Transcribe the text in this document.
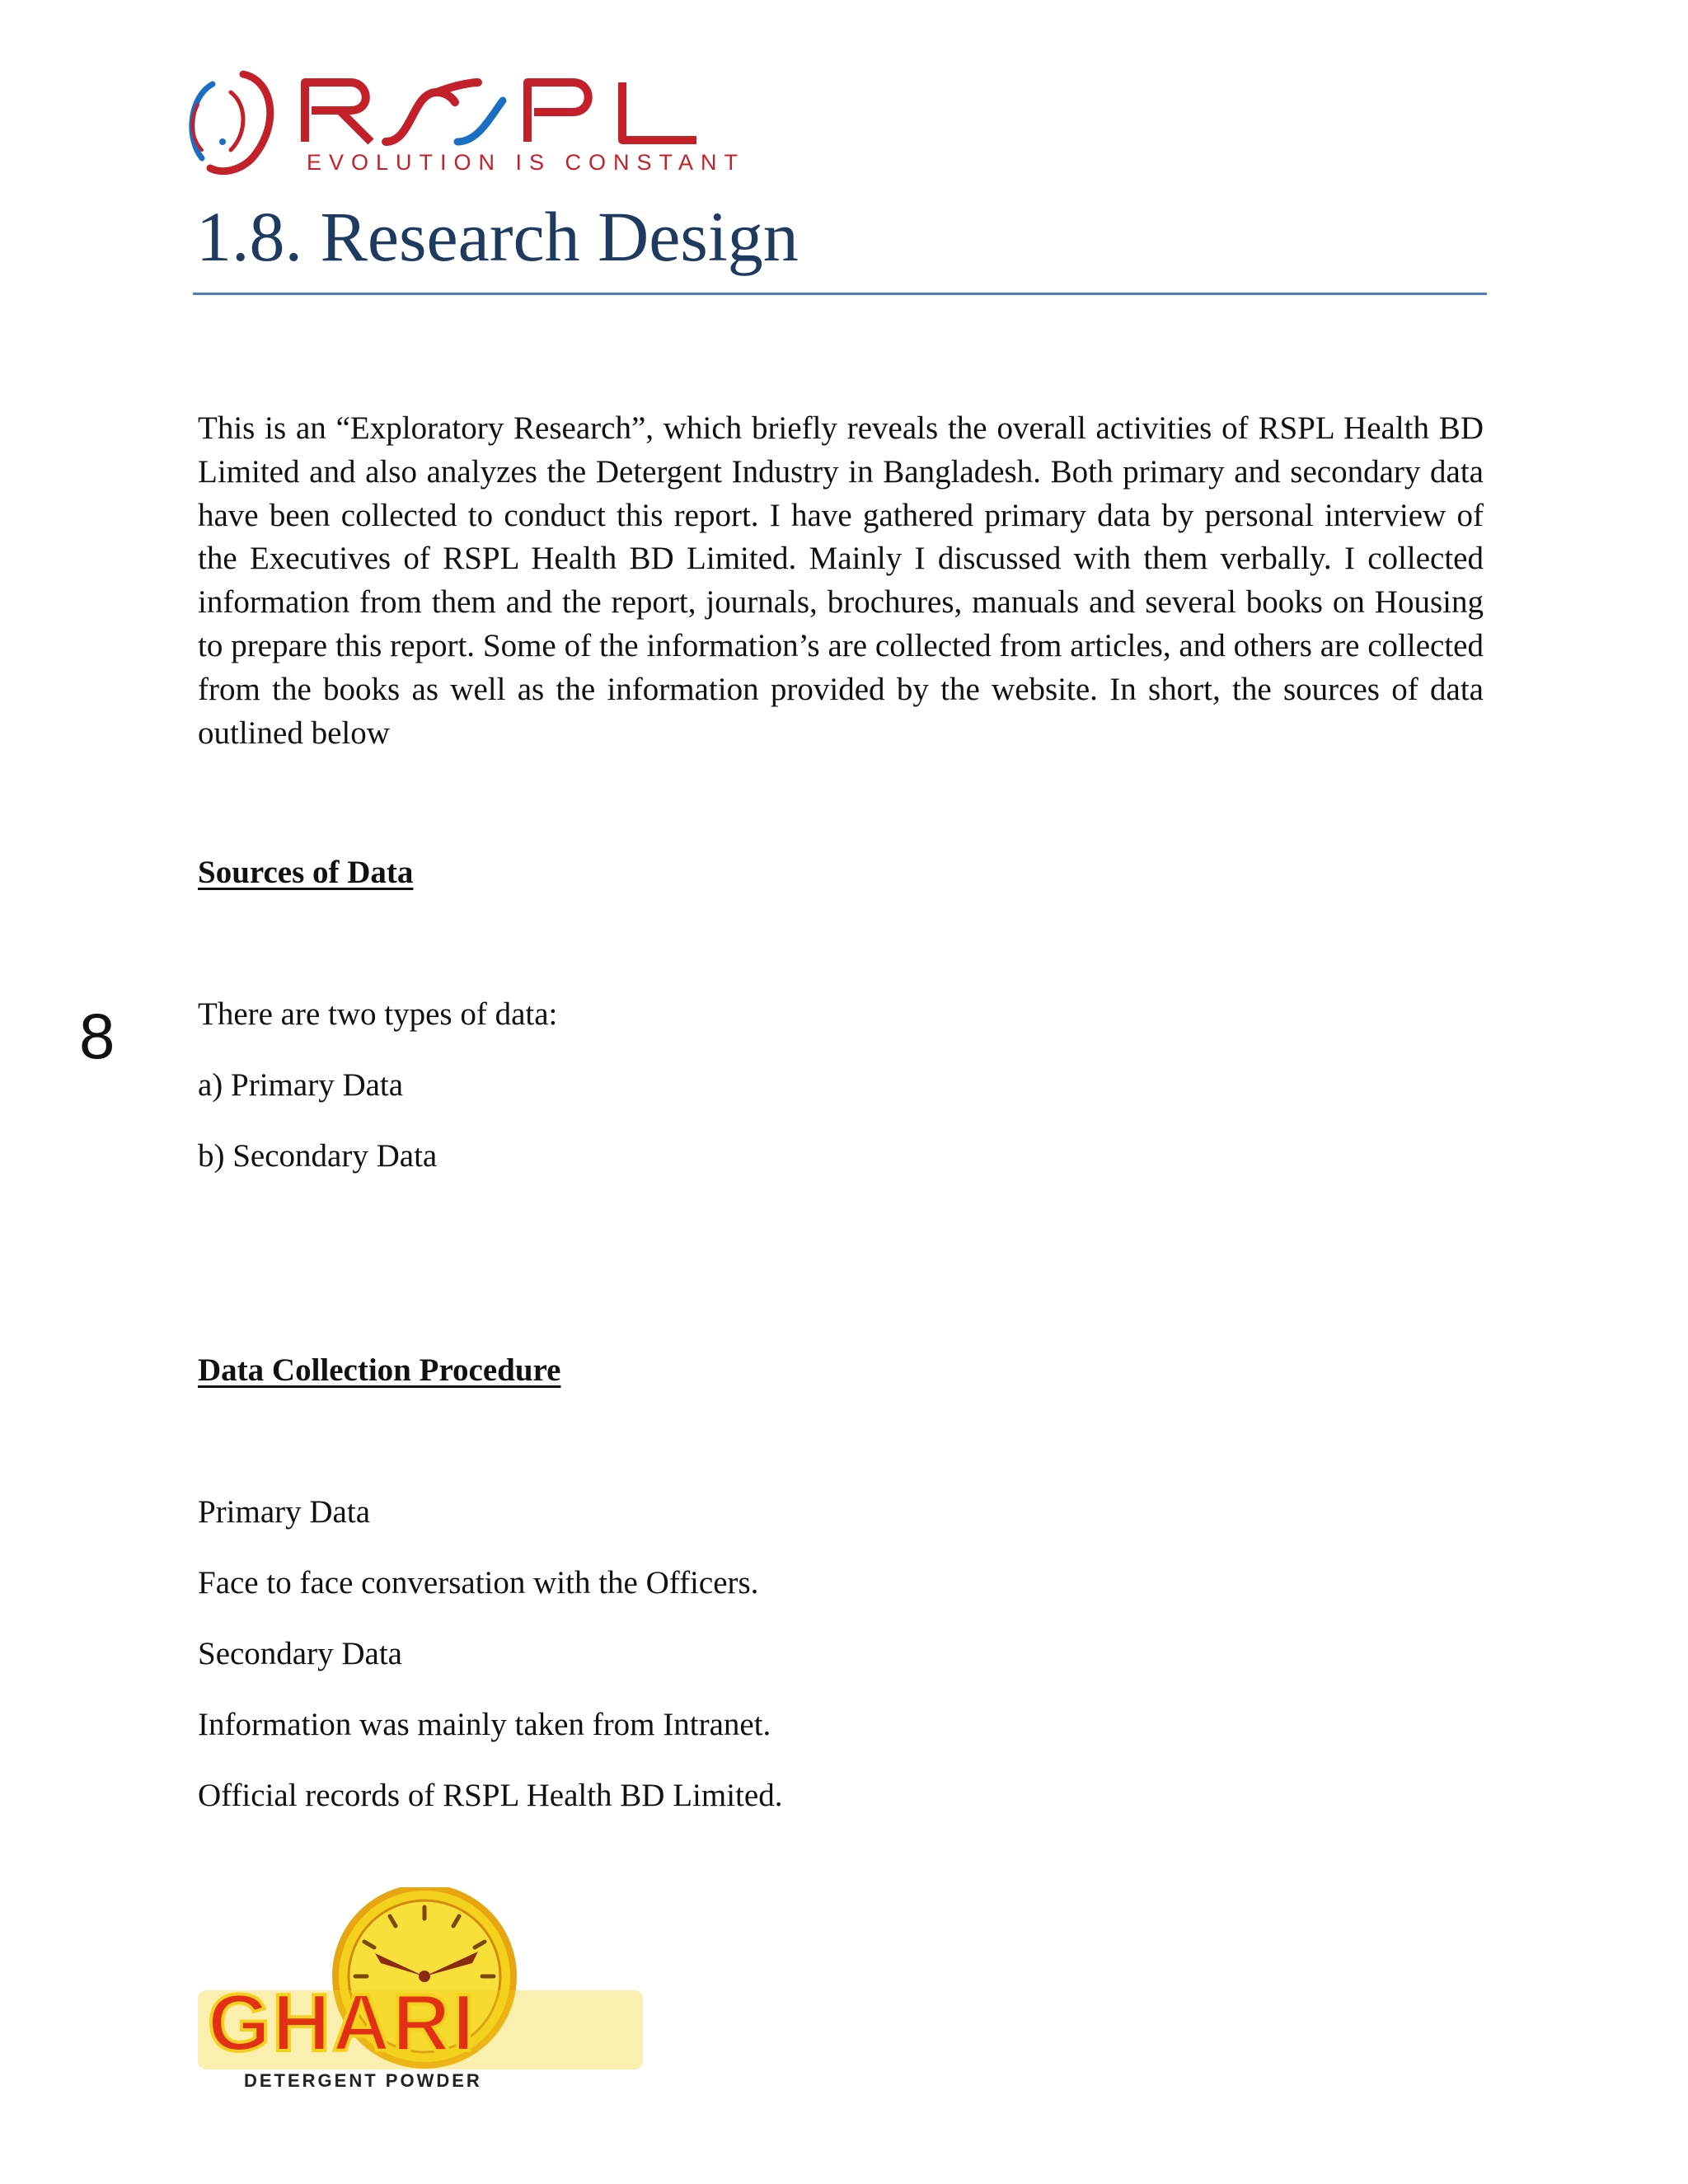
EVOLUTION IS CONSTANT
1.8. Research Design

This is an “Exploratory Research”, which briefly reveals the overall activities of RSPL Health BD Limited and also analyzes the Detergent Industry in Bangladesh. Both primary and secondary data have been collected to conduct this report. I have gathered primary data by personal interview of the Executives of RSPL Health BD Limited. Mainly I discussed with them verbally. I collected information from them and the report, journals, brochures, manuals and several books on Housing to prepare this report. Some of the information’s are collected from articles, and others are collected from the books as well as the information provided by the website. In short, the sources of data outlined below

Sources of Data
There are two types of data:
a) Primary Data
b) Secondary Data
8
Data Collection Procedure
Primary Data
Face to face conversation with the Officers.
Secondary Data
Information was mainly taken from Intranet.
Official records of RSPL Health BD Limited.
GHARI
DETERGENT POWDER
